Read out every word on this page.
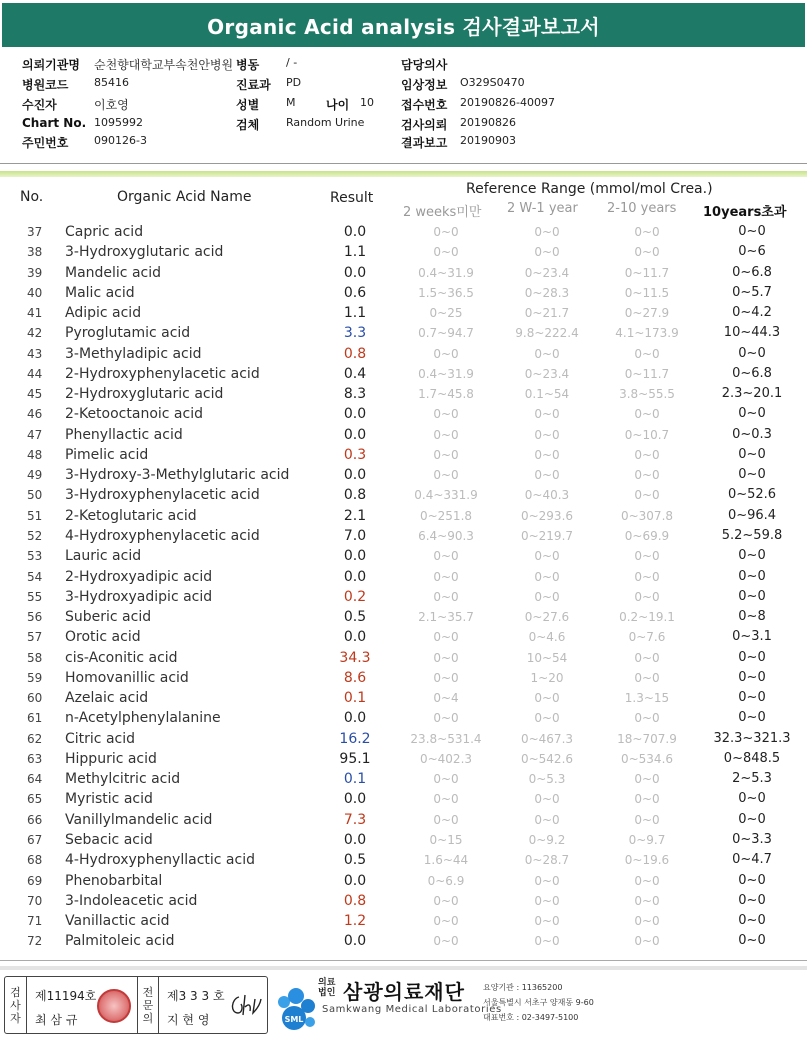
Organic Acid analysis 검사결과보고서
의뢰기관명 순천향대학교부속천안병원 병동 / -	담당의사
병원코드 85416	진료과 PD	임상정보 O329S0470
수진자	이호영	성별 M	나이 10 접수번호 20190826-40097
Chart No. 1095992	검체 Random Urine	검사의뢰 20190826
주민번호 090126-3	결과보고 20190903
No.	Organic Acid Name	Result
Reference Range (mmol/mol Crea.)
2 weeks미만 2 W-1 year 2-10 years 10years초과
37 Capric acid	0.0	0~0	0~0	0~0	0~0
38 3-Hydroxyglutaric acid	1.1	0~0	0~0	0~0	0~6
39 Mandelic acid	0.0	0.4~31.9	0~23.4	0~11.7	0~6.8
40 Malic acid	0.6	1.5~36.5	0~28.3	0~11.5	0~5.7
41 Adipic acid	1.1	0~25	0~21.7	0~27.9	0~4.2
42 Pyroglutamic acid	3.3	0.7~94.7	9.8~222.4	4.1~173.9	10~44.3
43 3-Methyladipic acid	0.8	0~0	0~0	0~0	0~0
44 2-Hydroxyphenylacetic acid	0.4	0.4~31.9	0~23.4	0~11.7	0~6.8
45 2-Hydroxyglutaric acid	8.3	1.7~45.8	0.1~54	3.8~55.5	2.3~20.1
46 2-Ketooctanoic acid	0.0	0~0	0~0	0~0	0~0
47 Phenyllactic acid	0.0	0~0	0~0	0~10.7	0~0.3
48 Pimelic acid	0.3	0~0	0~0	0~0	0~0
49 3-Hydroxy-3-Methylglutaric acid	0.0	0~0	0~0	0~0	0~0
50 3-Hydroxyphenylacetic acid	0.8	0.4~331.9	0~40.3	0~0	0~52.6
51 2-Ketoglutaric acid	2.1	0~251.8	0~293.6	0~307.8	0~96.4
52 4-Hydroxyphenylacetic acid	7.0	6.4~90.3	0~219.7	0~69.9	5.2~59.8
53 Lauric acid	0.0	0~0	0~0	0~0	0~0
54 2-Hydroxyadipic acid	0.0	0~0	0~0	0~0	0~0
55 3-Hydroxyadipic acid	0.2	0~0	0~0	0~0	0~0
56 Suberic acid	0.5	2.1~35.7	0~27.6	0.2~19.1	0~8
57 Orotic acid	0.0	0~0	0~4.6	0~7.6	0~3.1
58 cis-Aconitic acid	34.3	0~0	10~54	0~0	0~0
59 Homovanillic acid	8.6	0~0	1~20	0~0	0~0
60 Azelaic acid	0.1	0~4	0~0	1.3~15	0~0
61 n-Acetylphenylalanine	0.0	0~0	0~0	0~0	0~0
62 Citric acid	16.2	23.8~531.4	0~467.3	18~707.9	32.3~321.3
63 Hippuric acid	95.1	0~402.3	0~542.6	0~534.6	0~848.5
64 Methylcitric acid	0.1	0~0	0~5.3	0~0	2~5.3
65 Myristic acid	0.0	0~0	0~0	0~0	0~0
66 Vanillylmandelic acid	7.3	0~0	0~0	0~0	0~0
67 Sebacic acid	0.0	0~15	0~9.2	0~9.7	0~3.3
68 4-Hydroxyphenyllactic acid	0.5	1.6~44	0~28.7	0~19.6	0~4.7
69 Phenobarbital	0.0	0~6.9	0~0	0~0	0~0
70 3-Indoleacetic acid	0.8	0~0	0~0	0~0	0~0
71 Vanillactic acid	1.2	0~0	0~0	0~0	0~0
72 Palmitoleic acid	0.0	0~0	0~0	0~0	0~0
검
사
자
제11194호
최 삼 규
전
문
의
제3 3 3 호
지 현 영	SML
의료
법인 삼광의료재단
Samkwang Medical Laboratories
요양기관 : 11365200
서울특별시 서초구 양재동 9-60
대표번호 : 02-3497-5100
